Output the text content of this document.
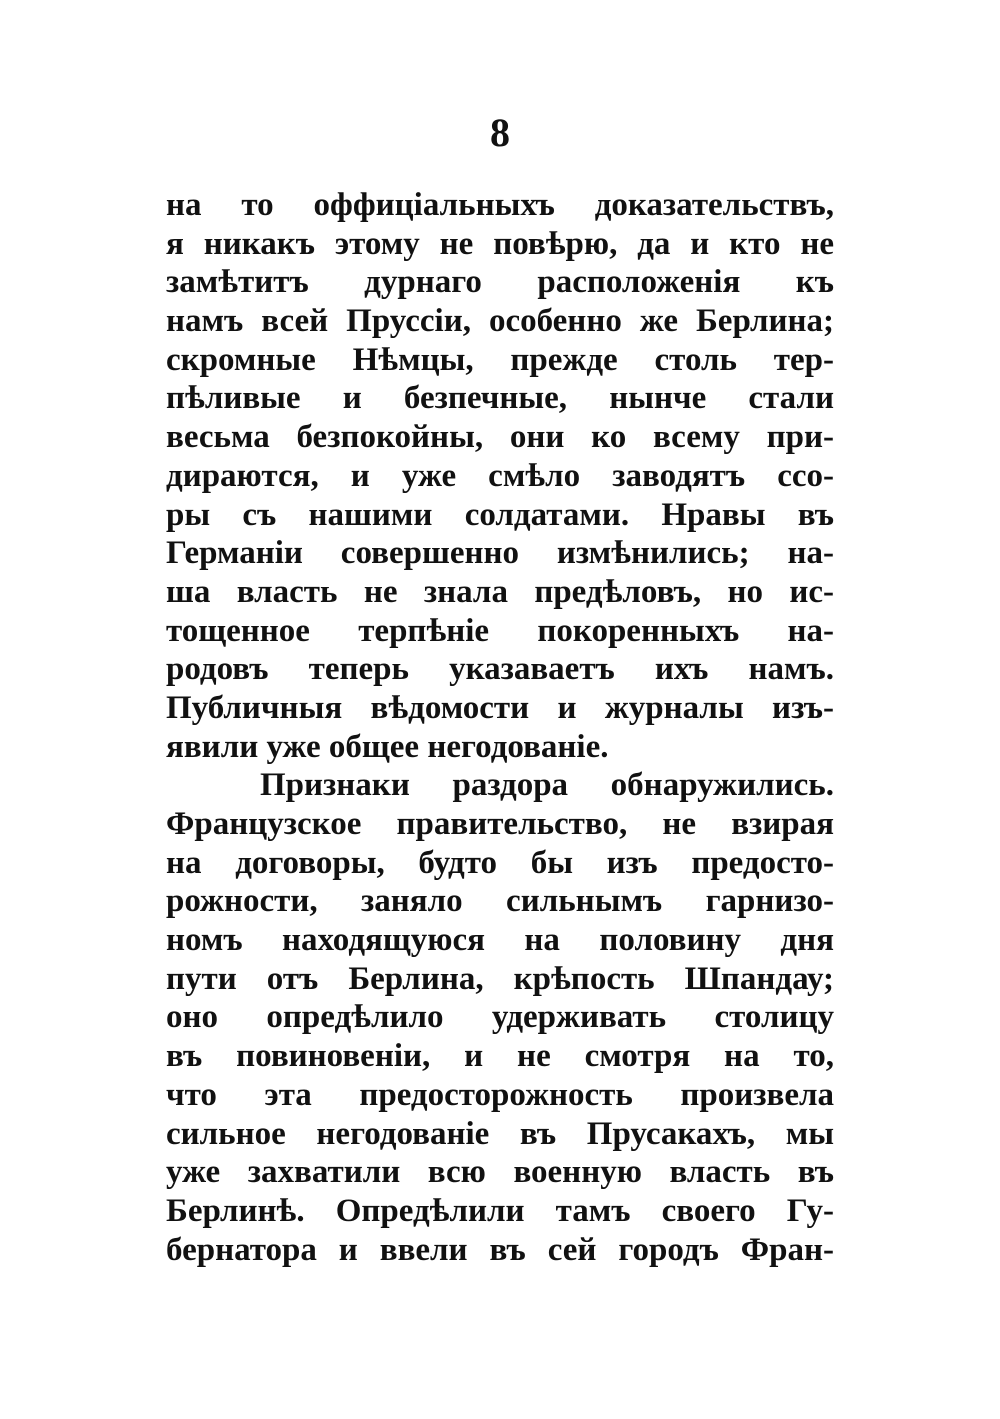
8
на то оффиціальныхъ доказательствъ,
я никакъ этому не повѣрю, да и кто не
замѣтитъ дурнаго расположенія къ
намъ всей Пруссіи, особенно же Берлина;
скромные Нѣмцы, прежде столь тер-
пѣливые и безпечные, нынче стали
весьма безпокойны, они ко всему при-
дираются, и уже смѣло заводятъ ссо-
ры съ нашими солдатами. Нравы въ
Германіи совершенно измѣнились; на-
ша власть не знала предѣловъ, но ис-
тощенное терпѣніе покоренныхъ на-
родовъ теперь указаваетъ ихъ намъ.
Публичныя вѣдомости и журналы изъ-
явили уже общее негодованіе.
Признаки раздора обнаружились.
Французское правительство, не взирая
на договоры, будто бы изъ предосто-
рожности, заняло сильнымъ гарнизо-
номъ находящуюся на половину дня
пути отъ Берлина, крѣпость Шпандау;
оно опредѣлило удерживать столицу
въ повиновеніи, и не смотря на то,
что эта предосторожность произвела
сильное негодованіе въ Прусакахъ, мы
уже захватили всю военную власть въ
Берлинѣ. Опредѣлили тамъ своего Гу-
бернатора и ввели въ сей городъ Фран-
